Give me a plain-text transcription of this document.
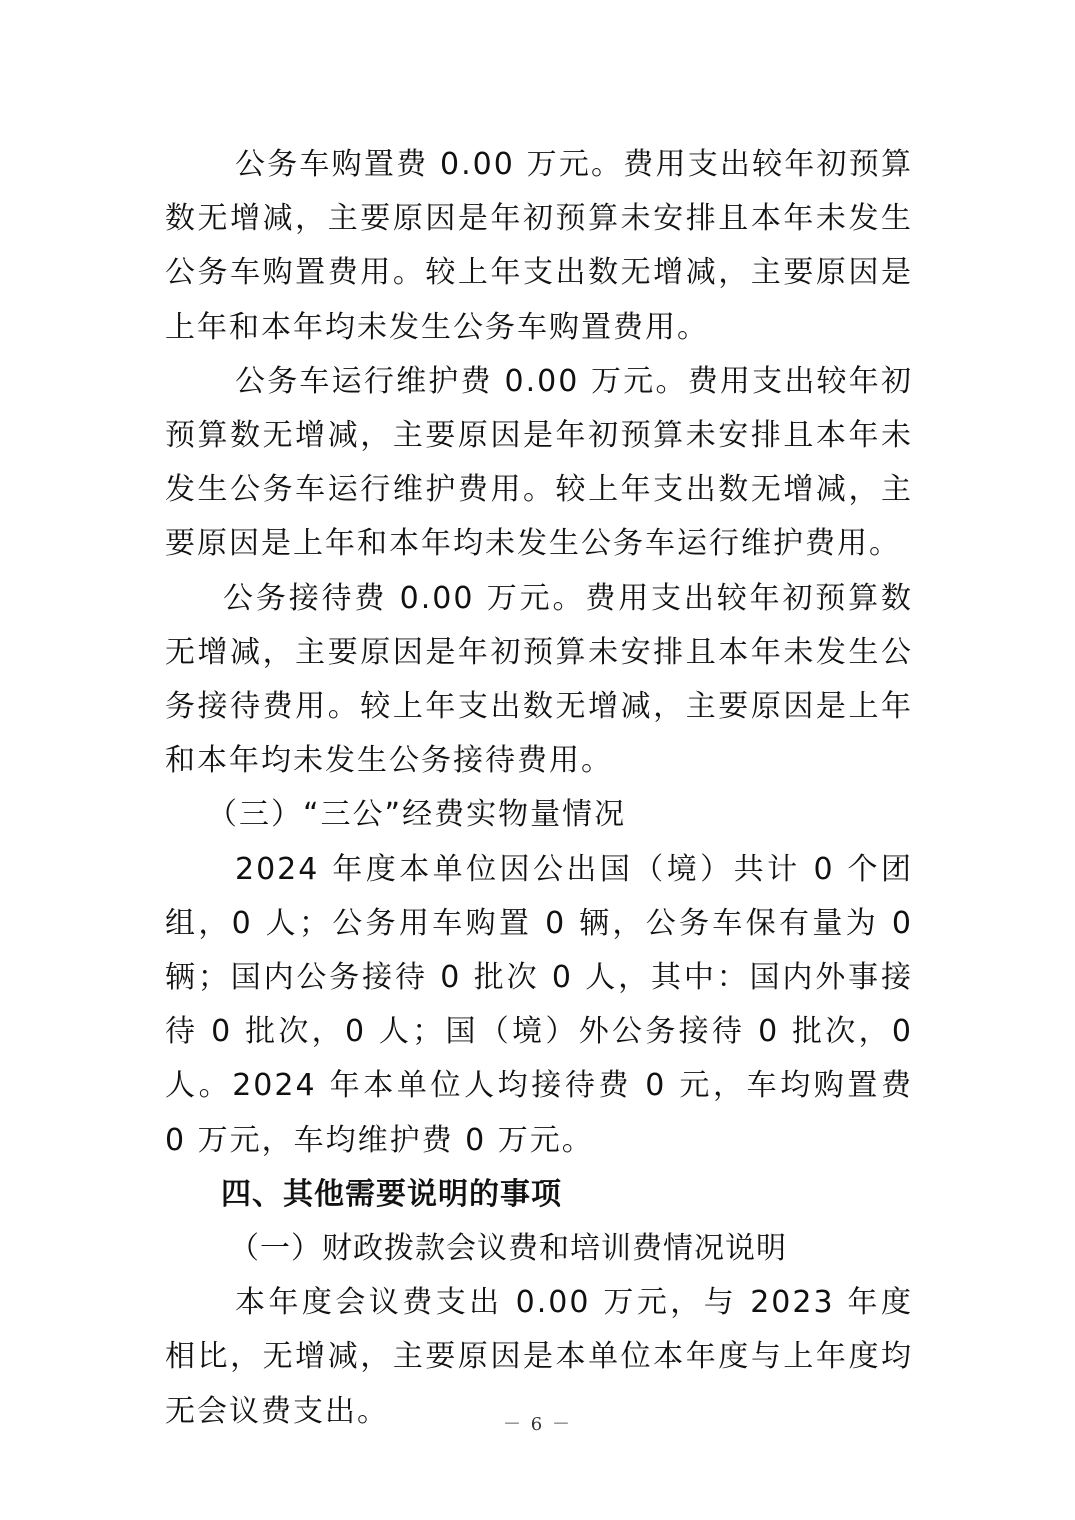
公务车购置费 0.00 万元。费用支出较年初预算数无增减，主要原因是年初预算未安排且本年未发生公务车购置费用。较上年支出数无增减，主要原因是上年和本年均未发生公务车购置费用。

公务车运行维护费 0.00 万元。费用支出较年初预算数无增减，主要原因是年初预算未安排且本年未发生公务车运行维护费用。较上年支出数无增减，主要原因是上年和本年均未发生公务车运行维护费用。

公务接待费 0.00 万元。费用支出较年初预算数无增减，主要原因是年初预算未安排且本年未发生公务接待费用。较上年支出数无增减，主要原因是上年和本年均未发生公务接待费用。

（三）“三公”经费实物量情况

2024 年度本单位因公出国（境）共计 0 个团组，0 人；公务用车购置 0 辆，公务车保有量为 0 辆；国内公务接待 0 批次 0 人，其中：国内外事接待 0 批次，0 人；国（境）外公务接待 0 批次，0 人。2024 年本单位人均接待费 0 元，车均购置费 0 万元，车均维护费 0 万元。

四、其他需要说明的事项

（一）财政拨款会议费和培训费情况说明

本年度会议费支出 0.00 万元，与 2023 年度相比，无增减，主要原因是本单位本年度与上年度均无会议费支出。	－ 6 －
